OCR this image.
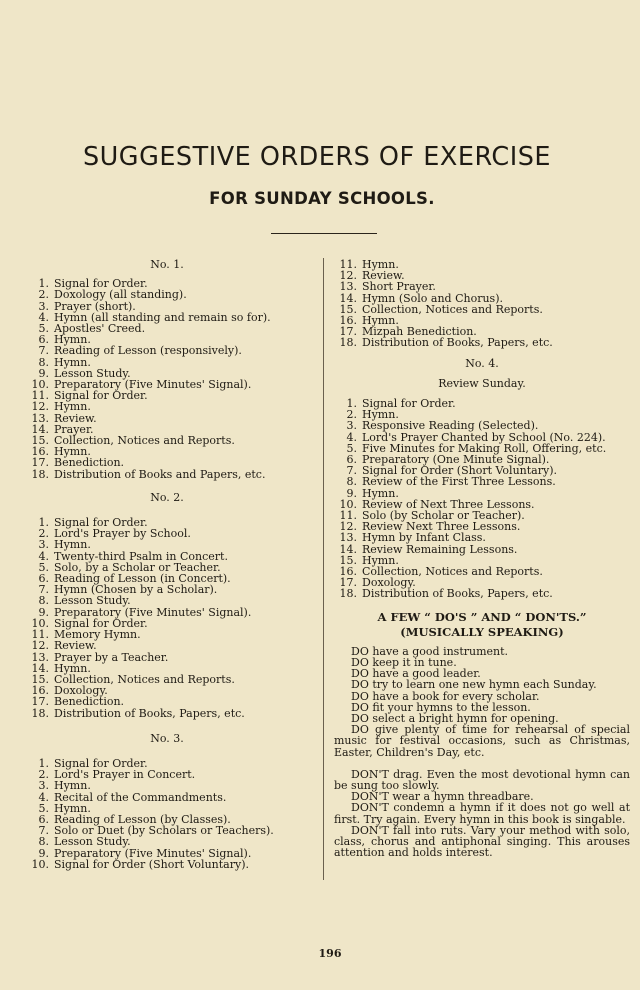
SUGGESTIVE ORDERS OF EXERCISE
FOR SUNDAY SCHOOLS.

No. 1.

1. Signal for Order.
2. Doxology (all standing).
3. Prayer (short).
4. Hymn (all standing and remain so for).
5. Apostles' Creed.
6. Hymn.
7. Reading of Lesson (responsively).
8. Hymn.
9. Lesson Study.
10. Preparatory (Five Minutes' Signal).
11. Signal for Order.
12. Hymn.
13. Review.
14. Prayer.
15. Collection, Notices and Reports.
16. Hymn.
17. Benediction.
18. Distribution of Books and Papers, etc.

No. 2.

1. Signal for Order.
2. Lord's Prayer by School.
3. Hymn.
4. Twenty-third Psalm in Concert.
5. Solo, by a Scholar or Teacher.
6. Reading of Lesson (in Concert).
7. Hymn (Chosen by a Scholar).
8. Lesson Study.
9. Preparatory (Five Minutes' Signal).
10. Signal for Order.
11. Memory Hymn.
12. Review.
13. Prayer by a Teacher.
14. Hymn.
15. Collection, Notices and Reports.
16. Doxology.
17. Benediction.
18. Distribution of Books, Papers, etc.

No. 3.

1. Signal for Order.
2. Lord's Prayer in Concert.
3. Hymn.
4. Recital of the Commandments.
5. Hymn.
6. Reading of Lesson (by Classes).
7. Solo or Duet (by Scholars or Teachers).
8. Lesson Study.
9. Preparatory (Five Minutes' Signal).
10. Signal for Order (Short Voluntary).
11. Hymn.
12. Review.
13. Short Prayer.
14. Hymn (Solo and Chorus).
15. Collection, Notices and Reports.
16. Hymn.
17. Mizpah Benediction.
18. Distribution of Books, Papers, etc.

No. 4.

Review Sunday.

1. Signal for Order.
2. Hymn.
3. Responsive Reading (Selected).
4. Lord's Prayer Chanted by School (No. 224).
5. Five Minutes for Making Roll, Offering, etc.
6. Preparatory (One Minute Signal).
7. Signal for Order (Short Voluntary).
8. Review of the First Three Lessons.
9. Hymn.
10. Review of Next Three Lessons.
11. Solo (by Scholar or Teacher).
12. Review Next Three Lessons.
13. Hymn by Infant Class.
14. Review Remaining Lessons.
15. Hymn.
16. Collection, Notices and Reports.
17. Doxology.
18. Distribution of Books, Papers, etc.

A FEW “ DO'S ” AND “ DON'TS.”

(MUSICALLY SPEAKING)

DO have a good instrument.
DO keep it in tune.
DO have a good leader.
DO try to learn one new hymn each Sunday.
DO have a book for every scholar.
DO fit your hymns to the lesson.
DO select a bright hymn for opening.

DO give plenty of time for rehearsal of special music for festival occasions, such as Christmas, Easter, Children's Day, etc.

DON'T drag. Even the most devotional hymn can be sung too slowly.

DON'T wear a hymn threadbare.

DON'T condemn a hymn if it does not go well at first. Try again. Every hymn in this book is singable.

DON'T fall into ruts. Vary your method with solo, class, chorus and antiphonal singing. This arouses attention and holds interest.

196
